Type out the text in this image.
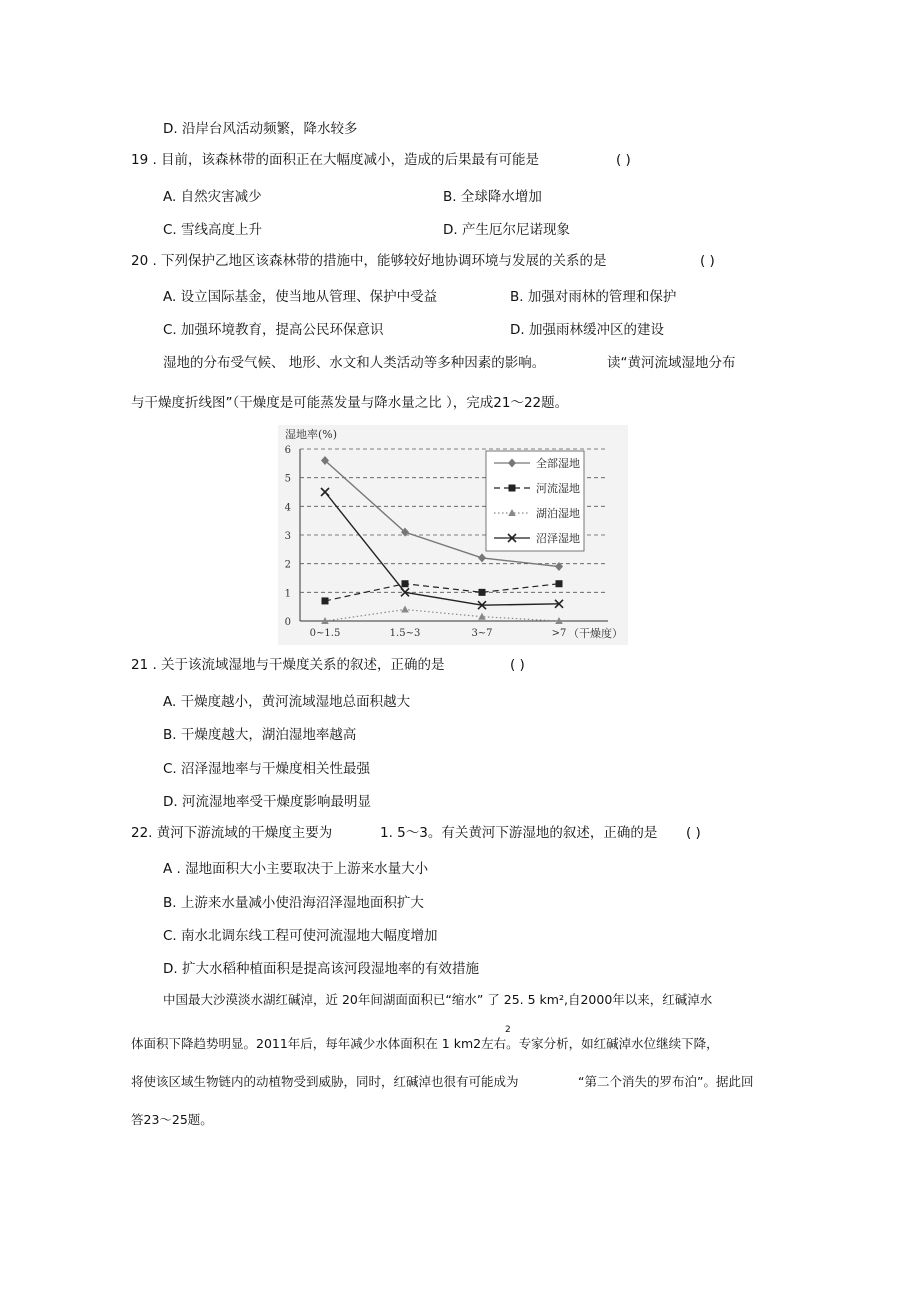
D. 沿岸台风活动频繁，降水较多
19 . 目前，该森林带的面积正在大幅度减小，造成的后果最有可能是	( )
A. 自然灾害减少	B. 全球降水增加
C. 雪线高度上升	D. 产生厄尔尼诺现象
20 . 下列保护乙地区该森林带的措施中，能够较好地协调环境与发展的关系的是	( )
A. 设立国际基金，使当地从管理、保护中受益	B. 加强对雨林的管理和保护
C. 加强环境教育，提高公民环保意识	D. 加强雨林缓冲区的建设
湿地的分布受气候、 地形、水文和人类活动等多种因素的影响。	读“黄河流域湿地分布
与干燥度折线图”（干燥度是可能蒸发量与降水量之比 ），完成21～22题。
湿地率(%)
（干燥度）
0
1
2
3
4
5
6
0~1.5	1.5~3	3~7	>7
全部湿地
河流湿地
湖泊湿地
沼泽湿地
21 . 关于该流域湿地与干燥度关系的叙述，正确的是	( )
A. 干燥度越小，黄河流域湿地总面积越大
B. 干燥度越大，湖泊湿地率越高
C. 沼泽湿地率与干燥度相关性最强
D. 河流湿地率受干燥度影响最明显
22. 黄河下游流域的干燥度主要为	1. 5～3。有关黄河下游湿地的叙述，正确的是 ( )
A . 湿地面积大小主要取决于上游来水量大小
B. 上游来水量减小使沿海沼泽湿地面积扩大
C. 南水北调东线工程可使河流湿地大幅度增加
D. 扩大水稻种植面积是提高该河段湿地率的有效措施
中国最大沙漠淡水湖红碱淖，近 20年间湖面面积已“缩水” 了 25. 5 km²,自2000年以来，红碱淖水
2
体面积下降趋势明显。2011年后，每年减少水体面积在 1 km2左右。专家分析，如红碱淖水位继续下降，
将使该区域生物链内的动植物受到威胁，同时，红碱淖也很有可能成为	“第二个消失的罗布泊”。据此回
答23～25题。
